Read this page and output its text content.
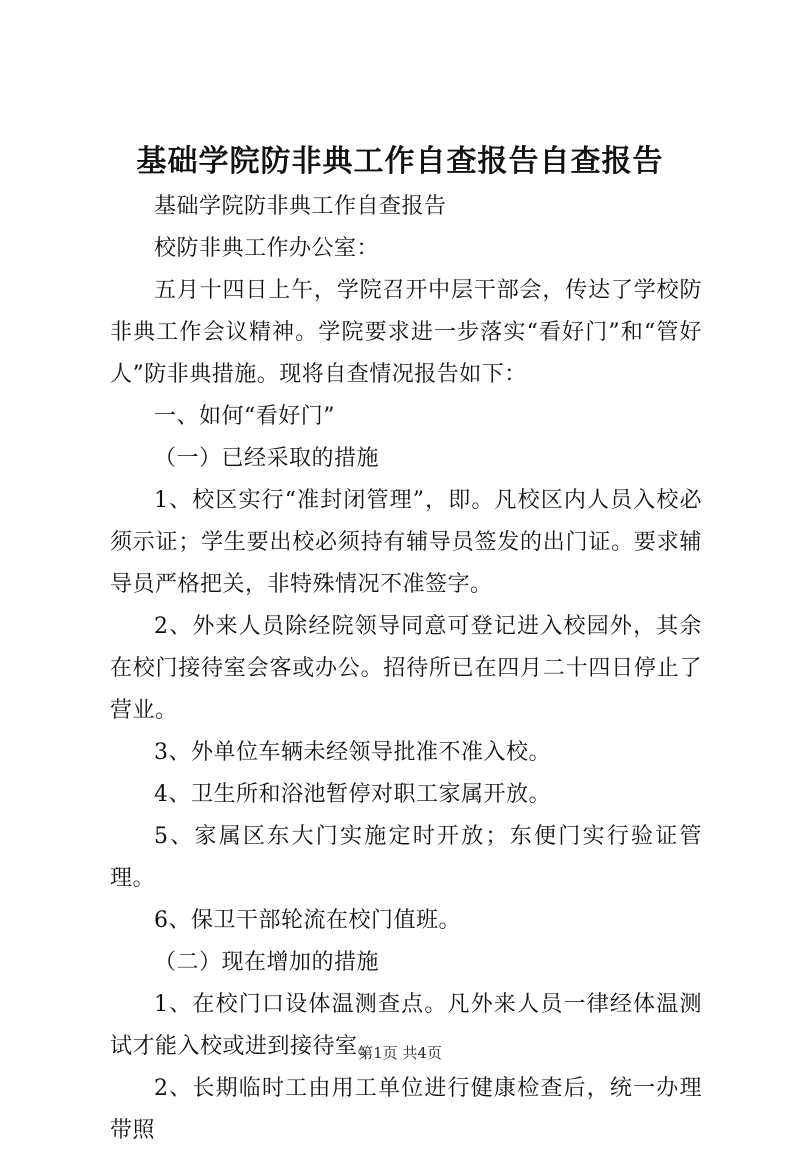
基础学院防非典工作自查报告自查报告

基础学院防非典工作自查报告

校防非典工作办公室：

五月十四日上午，学院召开中层干部会，传达了学校防非典工作会议精神。学院要求进一步落实“看好门”和“管好人”防非典措施。现将自查情况报告如下：

一、如何“看好门”

（一）已经采取的措施

1、校区实行“准封闭管理”，即。凡校区内人员入校必须示证；学生要出校必须持有辅导员签发的出门证。要求辅导员严格把关，非特殊情况不准签字。

2、外来人员除经院领导同意可登记进入校园外，其余在校门接待室会客或办公。招待所已在四月二十四日停止了营业。

3、外单位车辆未经领导批准不准入校。

4、卫生所和浴池暂停对职工家属开放。

5、家属区东大门实施定时开放；东便门实行验证管理。

6、保卫干部轮流在校门值班。

（二）现在增加的措施

1、在校门口设体温测查点。凡外来人员一律经体温测试才能入校或进到接待室。

2、长期临时工由用工单位进行健康检查后，统一办理带照

第1页 共4页
